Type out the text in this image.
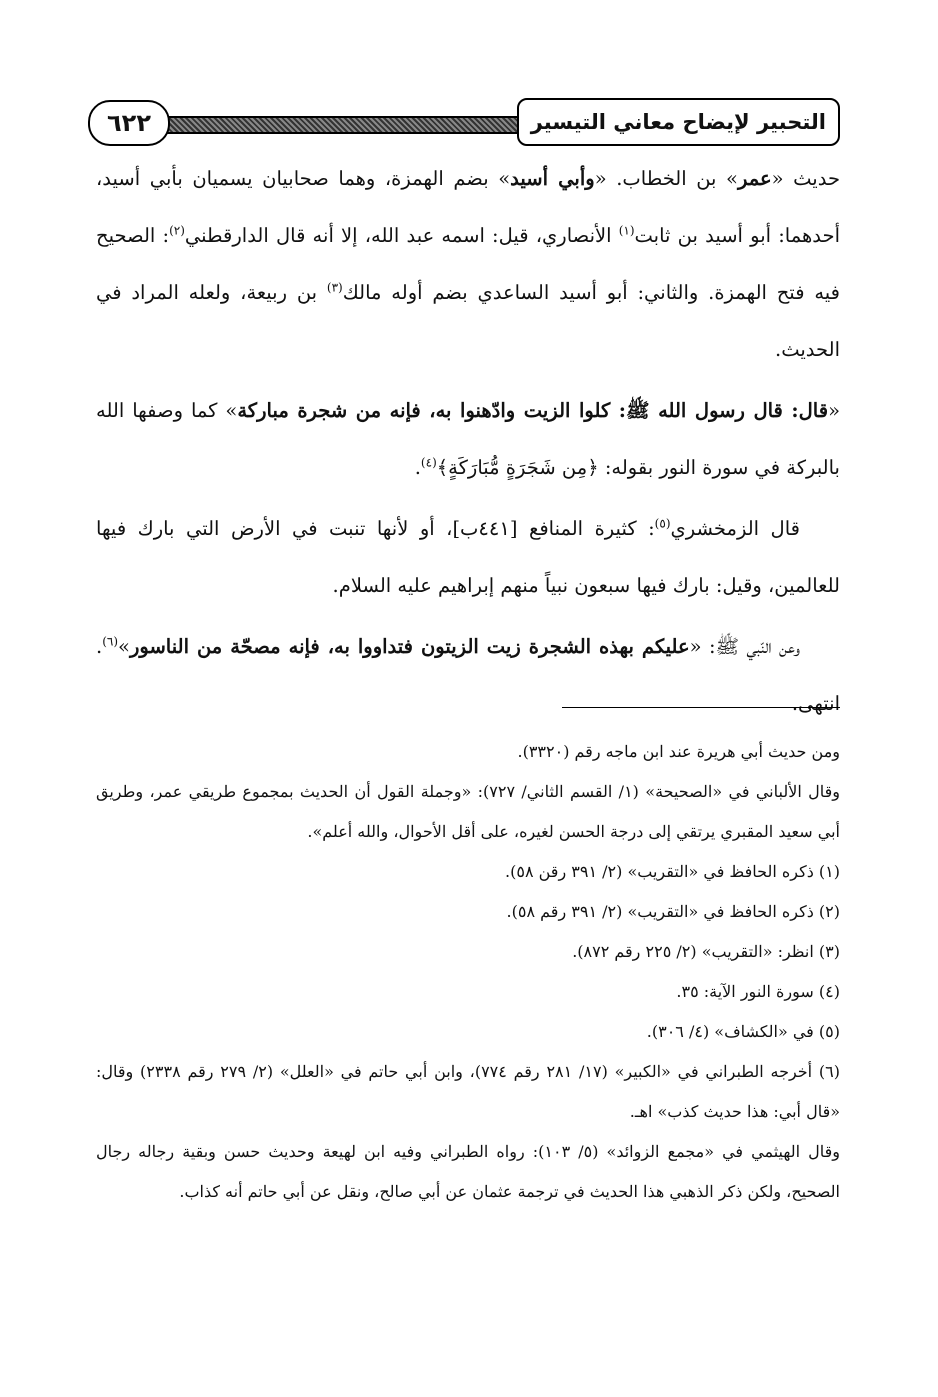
٦٢٢	التحبير لإيضاح معاني التيسير

حديث «عمر» بن الخطاب. «وأبي أسيد» بضم الهمزة، وهما صحابيان يسميان بأبي أسيد، أحدهما: أبو أسيد بن ثابت$^{(١)}$ الأنصاري، قيل: اسمه عبد الله، إلا أنه قال الدارقطني$^{(٢)}$: الصحيح فيه فتح الهمزة. والثاني: أبو أسيد الساعدي بضم أوله مالك$^{(٣)}$ بن ربيعة، ولعله المراد في الحديث.

«قال: قال رسول الله ﷺ: كلوا الزيت وادّهنوا به، فإنه من شجرة مباركة» كما وصفها الله بالبركة في سورة النور بقوله: ﴿مِن شَجَرَةٍ مُّبَارَكَةٍ﴾$^{(٤)}$.

قال الزمخشري$^{(٥)}$: كثيرة المنافع [٤٤١ب]، أو لأنها تنبت في الأرض التي بارك فيها للعالمين، وقيل: بارك فيها سبعون نبياً منهم إبراهيم عليه السلام.

وعن النّبي ﷺ: «عليكم بهذه الشجرة زيت الزيتون فتداووا به، فإنه مصحّة من الناسور»$^{(٦)}$. انتهى.

ومن حديث أبي هريرة عند ابن ماجه رقم (٣٣٢٠).

وقال الألباني في «الصحيحة» (١/ القسم الثاني/ ٧٢٧): «وجملة القول أن الحديث بمجموع طريقي عمر، وطريق أبي سعيد المقبري يرتقي إلى درجة الحسن لغيره، على أقل الأحوال، والله أعلم».

(١) ذكره الحافظ في «التقريب» (٢/ ٣٩١ رقن ٥٨).

(٢) ذكره الحافظ في «التقريب» (٢/ ٣٩١ رقم ٥٨).

(٣) انظر: «التقريب» (٢/ ٢٢٥ رقم ٨٧٢).

(٤) سورة النور الآية: ٣٥.

(٥) في «الكشاف» (٤/ ٣٠٦).

(٦) أخرجه الطبراني في «الكبير» (١٧/ ٢٨١ رقم ٧٧٤)، وابن أبي حاتم في «العلل» (٢/ ٢٧٩ رقم ٢٣٣٨) وقال: «قال أبي: هذا حديث كذب» اهـ.

وقال الهيثمي في «مجمع الزوائد» (٥/ ١٠٣): رواه الطبراني وفيه ابن لهيعة وحديث حسن وبقية رجاله رجال الصحيح، ولكن ذكر الذهبي هذا الحديث في ترجمة عثمان عن أبي صالح، ونقل عن أبي حاتم أنه كذاب.
